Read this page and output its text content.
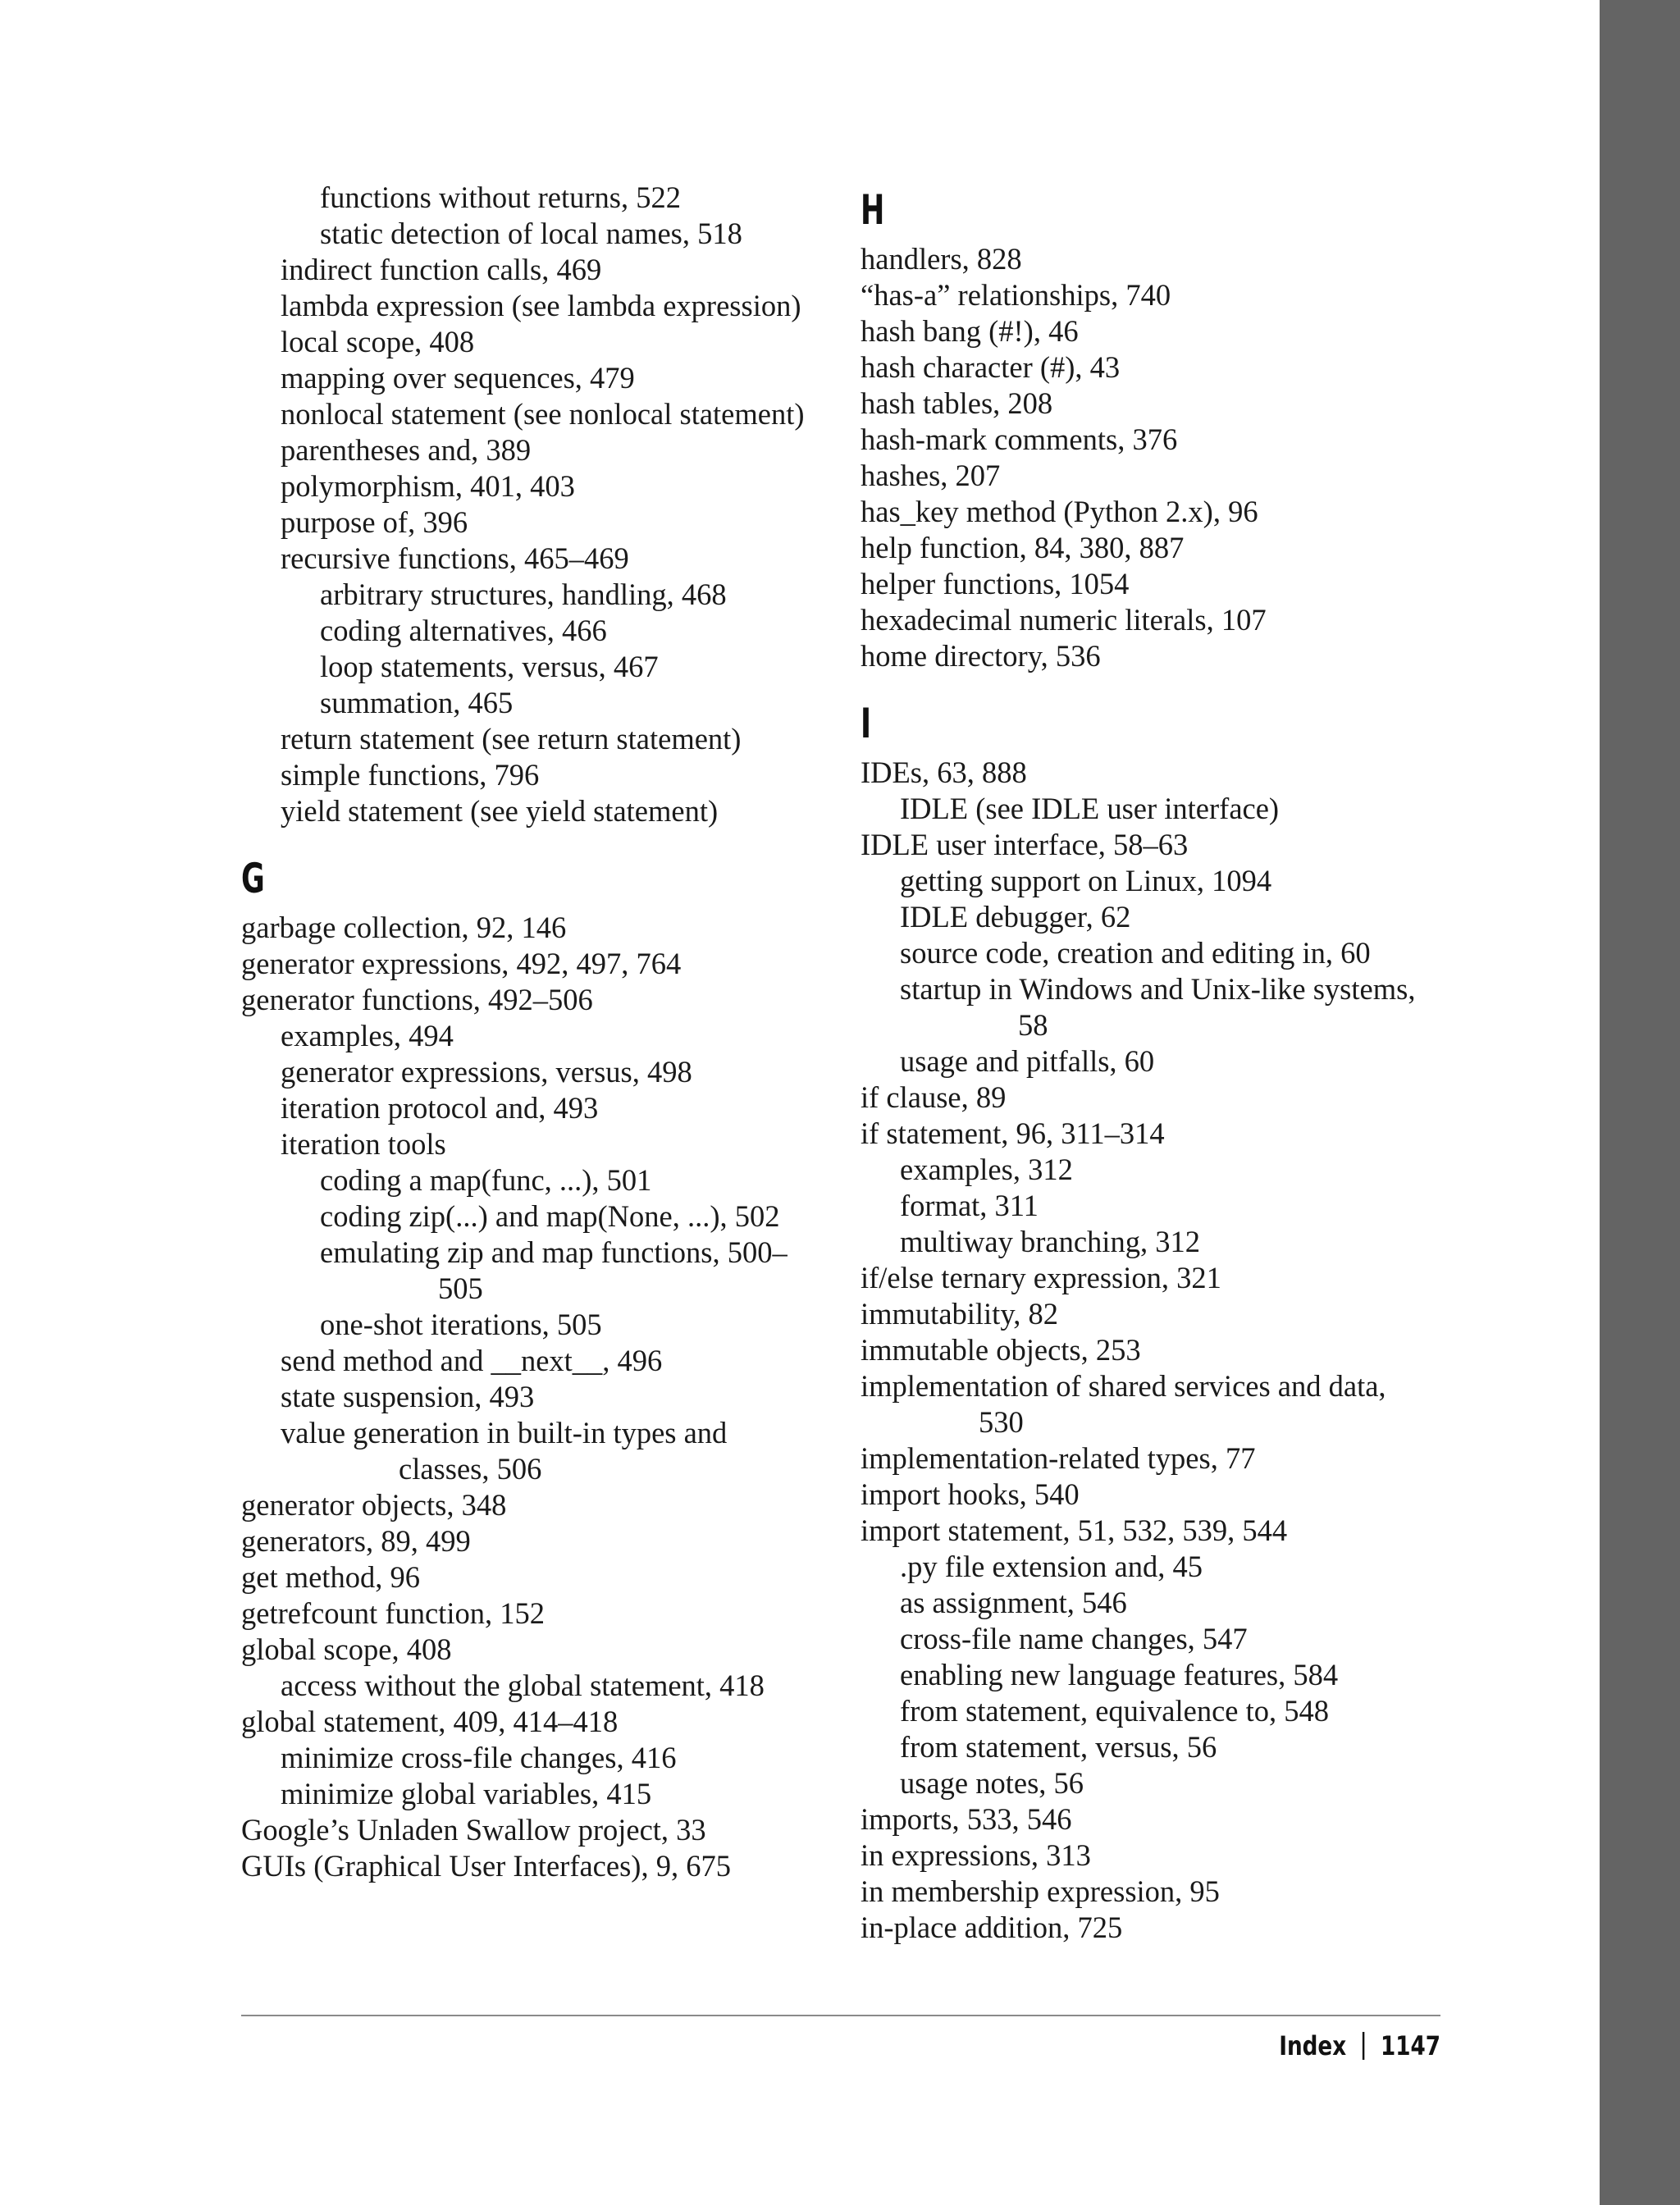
functions without returns, 522
static detection of local names, 518
indirect function calls, 469
lambda expression (see lambda expression)
local scope, 408
mapping over sequences, 479
nonlocal statement (see nonlocal statement)
parentheses and, 389
polymorphism, 401, 403
purpose of, 396
recursive functions, 465–469
arbitrary structures, handling, 468
coding alternatives, 466
loop statements, versus, 467
summation, 465
return statement (see return statement)
simple functions, 796
yield statement (see yield statement)
G
garbage collection, 92, 146
generator expressions, 492, 497, 764
generator functions, 492–506
examples, 494
generator expressions, versus, 498
iteration protocol and, 493
iteration tools
coding a map(func, ...), 501
coding zip(...) and map(None, ...), 502
emulating zip and map functions, 500–
505
one-shot iterations, 505
send method and __next__, 496
state suspension, 493
value generation in built-in types and
classes, 506
generator objects, 348
generators, 89, 499
get method, 96
getrefcount function, 152
global scope, 408
access without the global statement, 418
global statement, 409, 414–418
minimize cross-file changes, 416
minimize global variables, 415
Google’s Unladen Swallow project, 33
GUIs (Graphical User Interfaces), 9, 675
H
handlers, 828
“has-a” relationships, 740
hash bang (#!), 46
hash character (#), 43
hash tables, 208
hash-mark comments, 376
hashes, 207
has_key method (Python 2.x), 96
help function, 84, 380, 887
helper functions, 1054
hexadecimal numeric literals, 107
home directory, 536
I
IDEs, 63, 888
IDLE (see IDLE user interface)
IDLE user interface, 58–63
getting support on Linux, 1094
IDLE debugger, 62
source code, creation and editing in, 60
startup in Windows and Unix-like systems,
58
usage and pitfalls, 60
if clause, 89
if statement, 96, 311–314
examples, 312
format, 311
multiway branching, 312
if/else ternary expression, 321
immutability, 82
immutable objects, 253
implementation of shared services and data,
530
implementation-related types, 77
import hooks, 540
import statement, 51, 532, 539, 544
.py file extension and, 45
as assignment, 546
cross-file name changes, 547
enabling new language features, 584
from statement, equivalence to, 548
from statement, versus, 56
usage notes, 56
imports, 533, 546
in expressions, 313
in membership expression, 95
in-place addition, 725
Index 1147
